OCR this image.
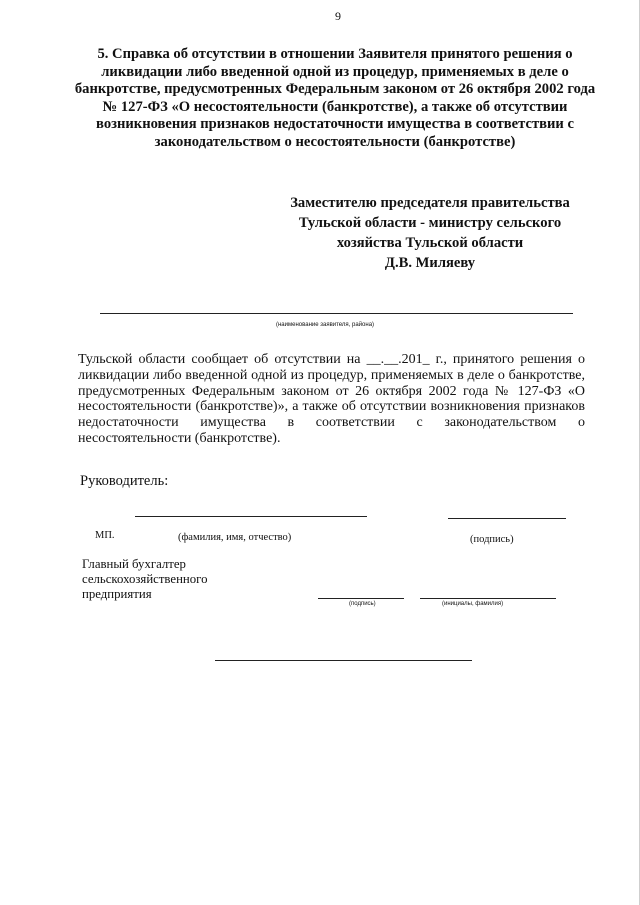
9
5. Справка об отсутствии в отношении Заявителя принятого решения о ликвидации либо введенной одной из процедур, применяемых в деле о банкротстве, предусмотренных Федеральным законом от 26 октября 2002 года № 127-ФЗ «О несостоятельности (банкротстве), а также об отсутствии возникновения признаков недостаточности имущества в соответствии с законодательством о несостоятельности (банкротстве)
Заместителю председателя правительства
Тульской области - министру сельского
хозяйства Тульской области
Д.В. Миляеву
(наименование заявителя, района)
Тульской области сообщает об отсутствии на __.__.201_ г., принятого решения о ликвидации либо введенной одной из процедур, применяемых в деле о банкротстве, предусмотренных Федеральным законом от 26 октября 2002 года № 127-ФЗ «О несостоятельности (банкротстве)», а также об отсутствии возникновения признаков недостаточности имущества в соответствии с законодательством о несостоятельности (банкротстве).
Руководитель:
МП.	(фамилия, имя, отчество)	(подпись)
Главный бухгалтер
сельскохозяйственного
предприятия
(подпись)	(инициалы, фамилия)
